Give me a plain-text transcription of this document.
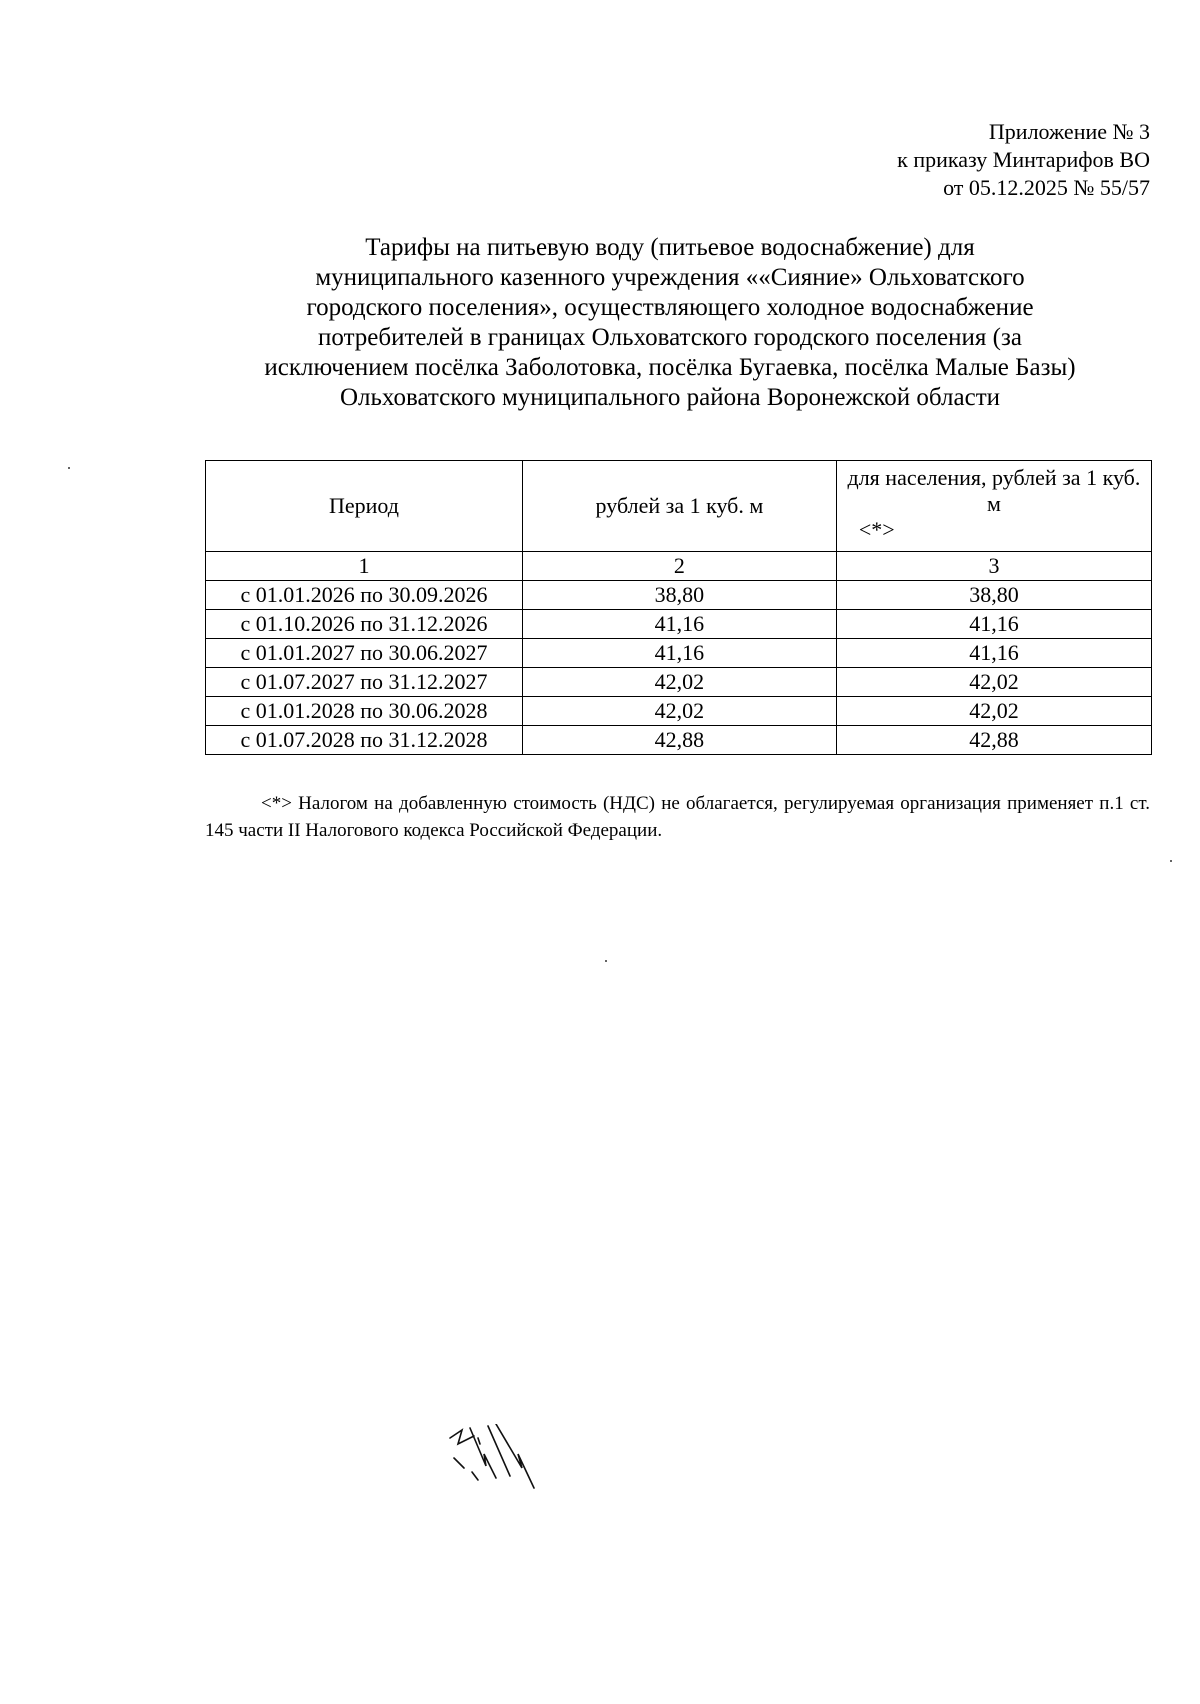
Приложение № 3
к приказу Минтарифов ВО
от 05.12.2025 № 55/57
Тарифы на питьевую воду (питьевое водоснабжение) для
муниципального казенного учреждения ««Сияние» Ольховатского
городского поселения», осуществляющего холодное водоснабжение
потребителей в границах Ольховатского городского поселения (за
исключением посёлка Заболотовка, посёлка Бугаевка, посёлка Малые Базы)
Ольховатского муниципального района Воронежской области
Период	рублей за 1 куб. м	для населения, рублей за 1 куб. м
<*>

1	2	3
с 01.01.2026 по 30.09.2026	38,80	38,80
с 01.10.2026 по 31.12.2026	41,16	41,16
с 01.01.2027 по 30.06.2027	41,16	41,16
с 01.07.2027 по 31.12.2027	42,02	42,02
с 01.01.2028 по 30.06.2028	42,02	42,02
с 01.07.2028 по 31.12.2028	42,88	42,88
<*> Налогом на добавленную стоимость (НДС) не облагается, регулируемая организация применяет п.1 ст. 145 части II Налогового кодекса Российской Федерации.
